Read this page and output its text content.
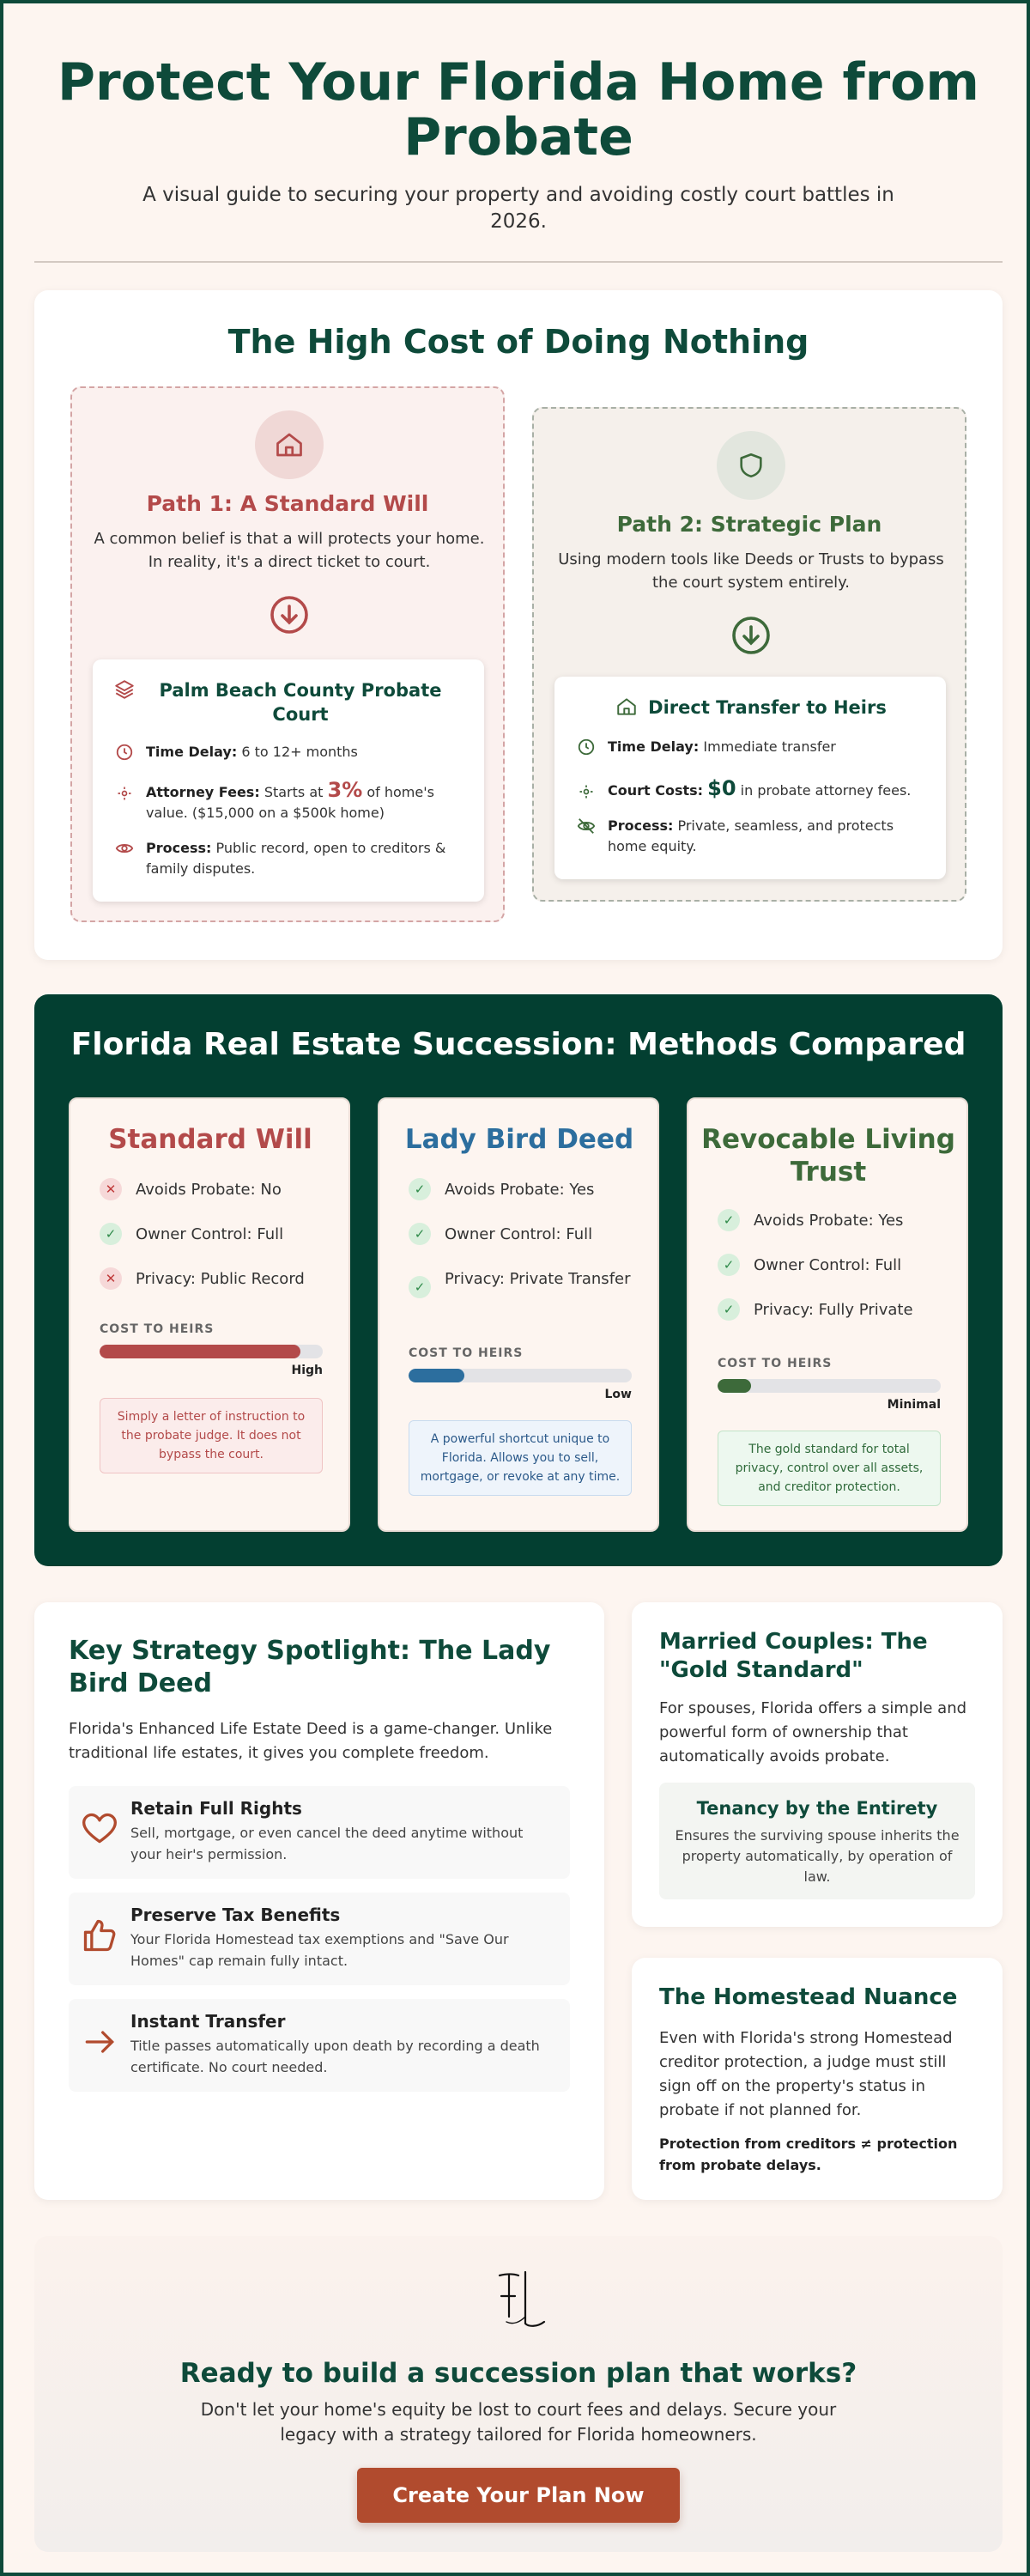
Protect Your Florida Home from Probate

A visual guide to securing your property and avoiding costly court battles in 2026.

The High Cost of Doing Nothing
Path 1: A Standard Will
A common belief is that a will protects your home. In reality, it's a direct ticket to court.
Palm Beach County Probate Court
Time Delay: 6 to 12+ months
Attorney Fees: Starts at 3% of home's value. ($15,000 on a $500k home)
Process: Public record, open to creditors & family disputes.
Path 2: Strategic Plan
Using modern tools like Deeds or Trusts to bypass the court system entirely.
Direct Transfer to Heirs
Time Delay: Immediate transfer
Court Costs: $0 in probate attorney fees.
Process: Private, seamless, and protects home equity.
Florida Real Estate Succession: Methods Compared
Standard Will
✕	Avoids Probate: No
✓	Owner Control: Full
✕	Privacy: Public Record
COST TO HEIRS
High
Simply a letter of instruction to the probate judge. It does not bypass the court.
Lady Bird Deed
✓	Avoids Probate: Yes
✓	Owner Control: Full
✓	Privacy: Private Transfer
COST TO HEIRS
Low
A powerful shortcut unique to Florida. Allows you to sell, mortgage, or revoke at any time.
Revocable Living Trust
✓	Avoids Probate: Yes
✓	Owner Control: Full
✓	Privacy: Fully Private
COST TO HEIRS
Minimal
The gold standard for total privacy, control over all assets, and creditor protection.
Key Strategy Spotlight: The Lady Bird Deed
Florida's Enhanced Life Estate Deed is a game-changer. Unlike traditional life estates, it gives you complete freedom.
Retain Full Rights
Sell, mortgage, or even cancel the deed anytime without your heir's permission.
Preserve Tax Benefits
Your Florida Homestead tax exemptions and "Save Our Homes" cap remain fully intact.
Instant Transfer
Title passes automatically upon death by recording a death certificate. No court needed.
Married Couples: The "Gold Standard"
For spouses, Florida offers a simple and powerful form of ownership that automatically avoids probate.
Tenancy by the Entirety
Ensures the surviving spouse inherits the property automatically, by operation of law.
The Homestead Nuance
Even with Florida's strong Homestead creditor protection, a judge must still sign off on the property's status in probate if not planned for.
Protection from creditors ≠ protection from probate delays.
Ready to build a succession plan that works?

Don't let your home's equity be lost to court fees and delays. Secure your legacy with a strategy tailored for Florida homeowners.

Create Your Plan Now
